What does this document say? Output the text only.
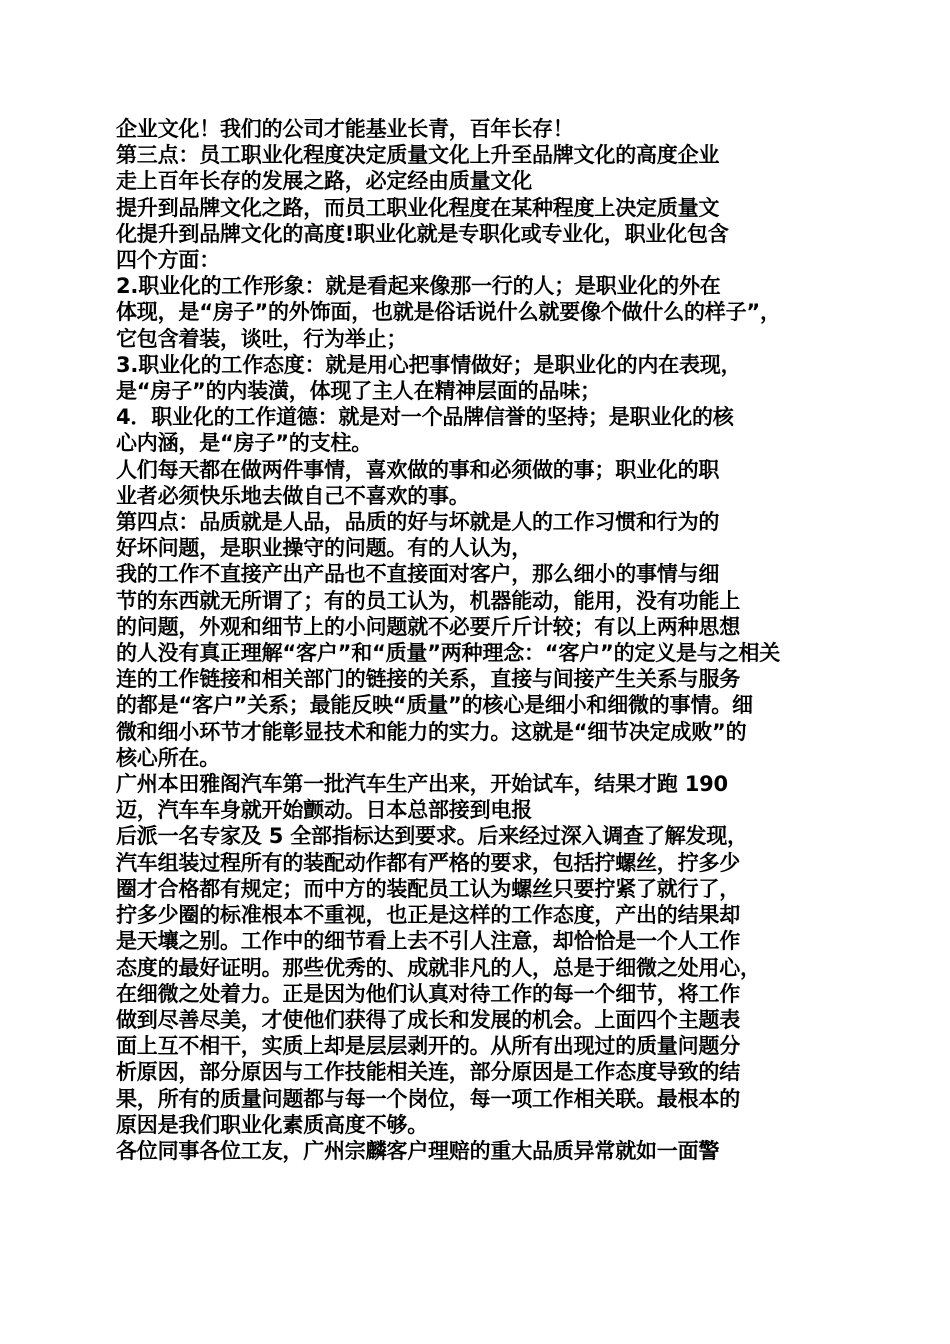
企业文化！我们的公司才能基业长青，百年长存！
第三点：员工职业化程度决定质量文化上升至品牌文化的高度企业
走上百年长存的发展之路，必定经由质量文化
提升到品牌文化之路，而员工职业化程度在某种程度上决定质量文
化提升到品牌文化的高度!职业化就是专职化或专业化，职业化包含
四个方面：
2.职业化的工作形象：就是看起来像那一行的人；是职业化的外在
体现，是“房子”的外饰面，也就是俗话说什么就要像个做什么的样子”，
它包含着装，谈吐，行为举止；
3.职业化的工作态度：就是用心把事情做好；是职业化的内在表现，
是“房子”的内装潢，体现了主人在精神层面的品味；
4．职业化的工作道德：就是对一个品牌信誉的坚持；是职业化的核
心内涵，是“房子”的支柱。
人们每天都在做两件事情，喜欢做的事和必须做的事；职业化的职
业者必须快乐地去做自己不喜欢的事。
第四点：品质就是人品，品质的好与坏就是人的工作习惯和行为的
好坏问题，是职业操守的问题。有的人认为，
我的工作不直接产出产品也不直接面对客户，那么细小的事情与细
节的东西就无所谓了；有的员工认为，机器能动，能用，没有功能上
的问题，外观和细节上的小问题就不必要斤斤计较；有以上两种思想
的人没有真正理解“客户”和“质量”两种理念：“客户”的定义是与之相关
连的工作链接和相关部门的链接的关系，直接与间接产生关系与服务
的都是“客户”关系；最能反映“质量”的核心是细小和细微的事情。细
微和细小环节才能彰显技术和能力的实力。这就是“细节决定成败”的
核心所在。
广州本田雅阁汽车第一批汽车生产出来，开始试车，结果才跑 190
迈，汽车车身就开始颤动。日本总部接到电报
后派一名专家及 5 全部指标达到要求。后来经过深入调查了解发现，
汽车组装过程所有的装配动作都有严格的要求，包括拧螺丝，拧多少
圈才合格都有规定；而中方的装配员工认为螺丝只要拧紧了就行了，
拧多少圈的标准根本不重视，也正是这样的工作态度，产出的结果却
是天壤之别。工作中的细节看上去不引人注意，却恰恰是一个人工作
态度的最好证明。那些优秀的、成就非凡的人，总是于细微之处用心，
在细微之处着力。正是因为他们认真对待工作的每一个细节，将工作
做到尽善尽美，才使他们获得了成长和发展的机会。上面四个主题表
面上互不相干，实质上却是层层剥开的。从所有出现过的质量问题分
析原因，部分原因与工作技能相关连，部分原因是工作态度导致的结
果，所有的质量问题都与每一个岗位，每一项工作相关联。最根本的
原因是我们职业化素质高度不够。
各位同事各位工友，广州宗麟客户理赔的重大品质异常就如一面警
